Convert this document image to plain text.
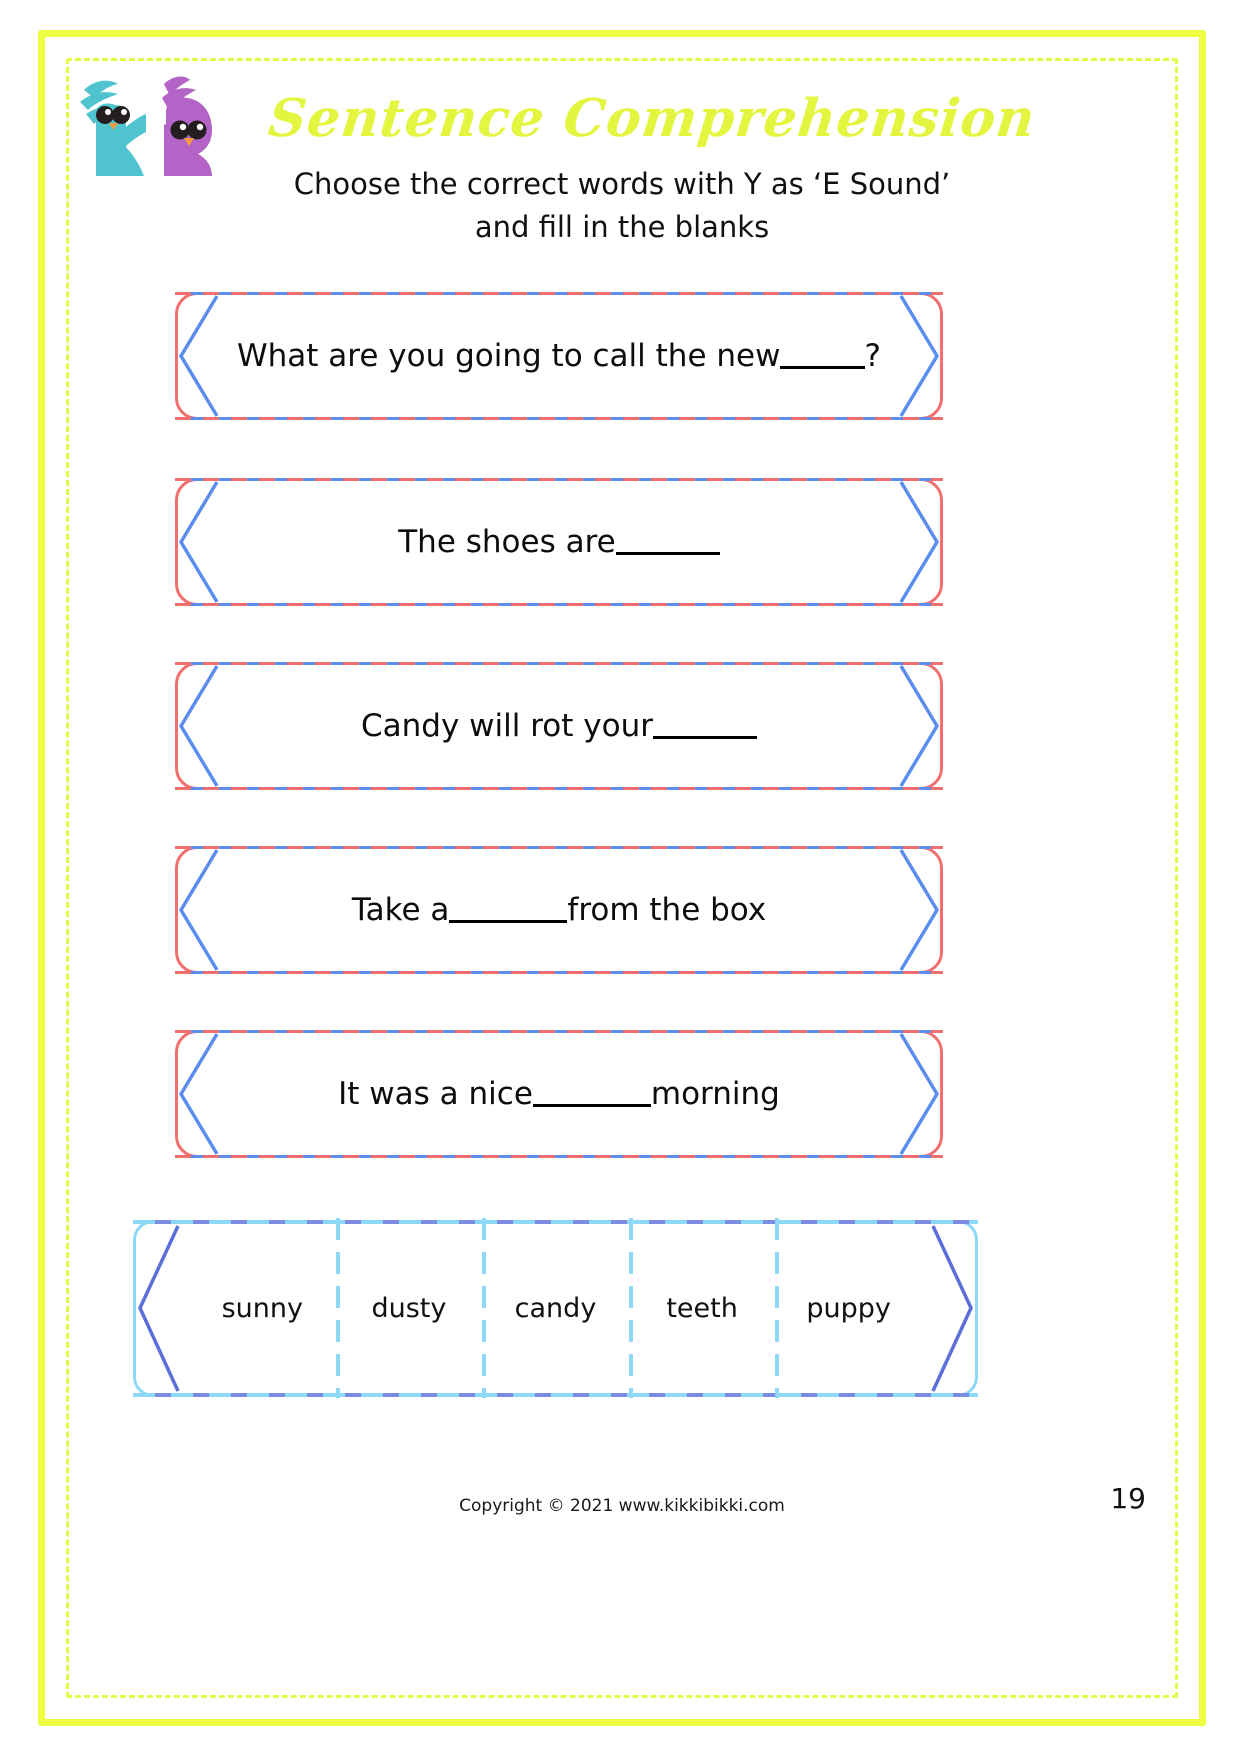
Sentence Comprehension
Choose the correct words with Y as ‘E Sound’
and fill in the blanks
What are you going to call the new	?
The shoes are
Candy will rot your
Take a	from the box
It was a nice	morning
sunny	dusty	candy	teeth	puppy
Copyright © 2021 www.kikkibikki.com	19
